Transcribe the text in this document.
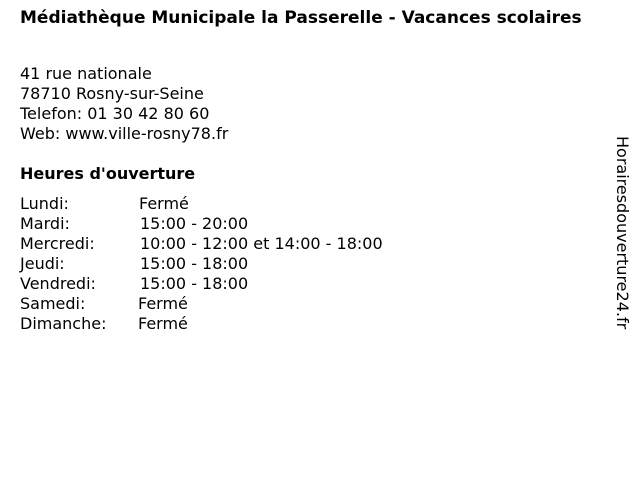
Médiathèque Municipale la Passerelle - Vacances scolaires
41 rue nationale
78710 Rosny-sur-Seine
Telefon: 01 30 42 80 60
Web: www.ville-rosny78.fr
Heures d'ouverture
Lundi:	Fermé
Mardi:	15:00 - 20:00
Mercredi:	10:00 - 12:00 et 14:00 - 18:00
Jeudi:	15:00 - 18:00
Vendredi:	15:00 - 18:00
Samedi:	Fermé
Dimanche:	Fermé	Horairesdouverture24.fr
